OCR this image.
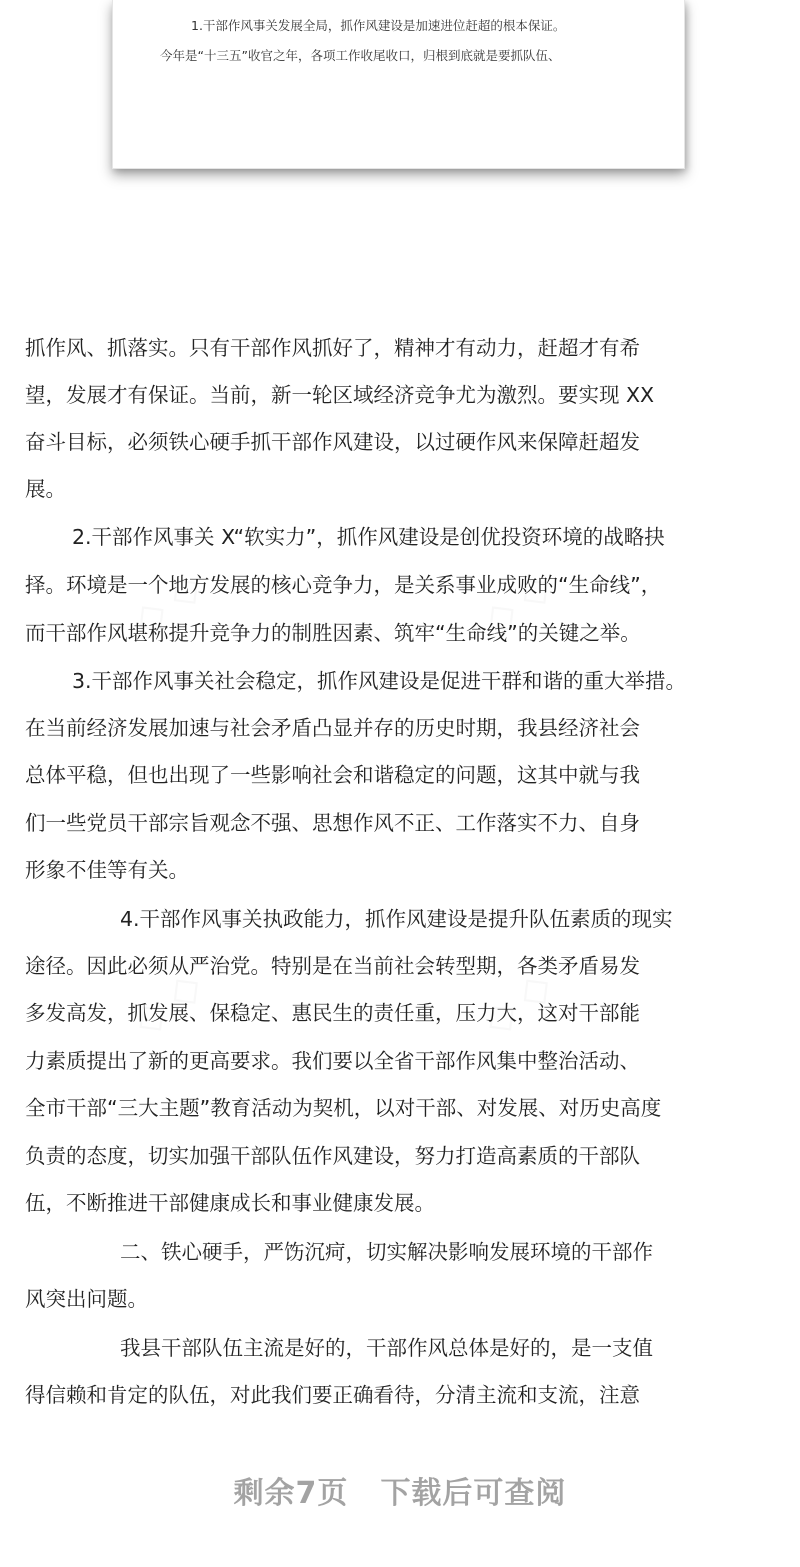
1.干部作风事关发展全局，抓作风建设是加速进位赶超的根本保证。
今年是“十三五”收官之年，各项工作收尾收口，归根到底就是要抓队伍、
◇ ◇	◇ ◇
◇ ◇	◇ ◇
抓作风、抓落实。只有干部作风抓好了，精神才有动力，赶超才有希
望，发展才有保证。当前，新一轮区域经济竞争尤为激烈。要实现 XX
奋斗目标，必须铁心硬手抓干部作风建设，以过硬作风来保障赶超发
展。
2.干部作风事关 X“软实力”，抓作风建设是创优投资环境的战略抉
择。环境是一个地方发展的核心竞争力，是关系事业成败的“生命线”，
而干部作风堪称提升竞争力的制胜因素、筑牢“生命线”的关键之举。
3.干部作风事关社会稳定，抓作风建设是促进干群和谐的重大举措。
在当前经济发展加速与社会矛盾凸显并存的历史时期，我县经济社会
总体平稳，但也出现了一些影响社会和谐稳定的问题，这其中就与我
们一些党员干部宗旨观念不强、思想作风不正、工作落实不力、自身
形象不佳等有关。
4.干部作风事关执政能力，抓作风建设是提升队伍素质的现实
途径。因此必须从严治党。特别是在当前社会转型期，各类矛盾易发
多发高发，抓发展、保稳定、惠民生的责任重，压力大，这对干部能
力素质提出了新的更高要求。我们要以全省干部作风集中整治活动、
全市干部“三大主题”教育活动为契机，以对干部、对发展、对历史高度
负责的态度，切实加强干部队伍作风建设，努力打造高素质的干部队
伍，不断推进干部健康成长和事业健康发展。
二、铁心硬手，严饬沉疴，切实解决影响发展环境的干部作
风突出问题。
我县干部队伍主流是好的，干部作风总体是好的，是一支值
得信赖和肯定的队伍，对此我们要正确看待，分清主流和支流，注意
剩余7页 下载后可查阅
